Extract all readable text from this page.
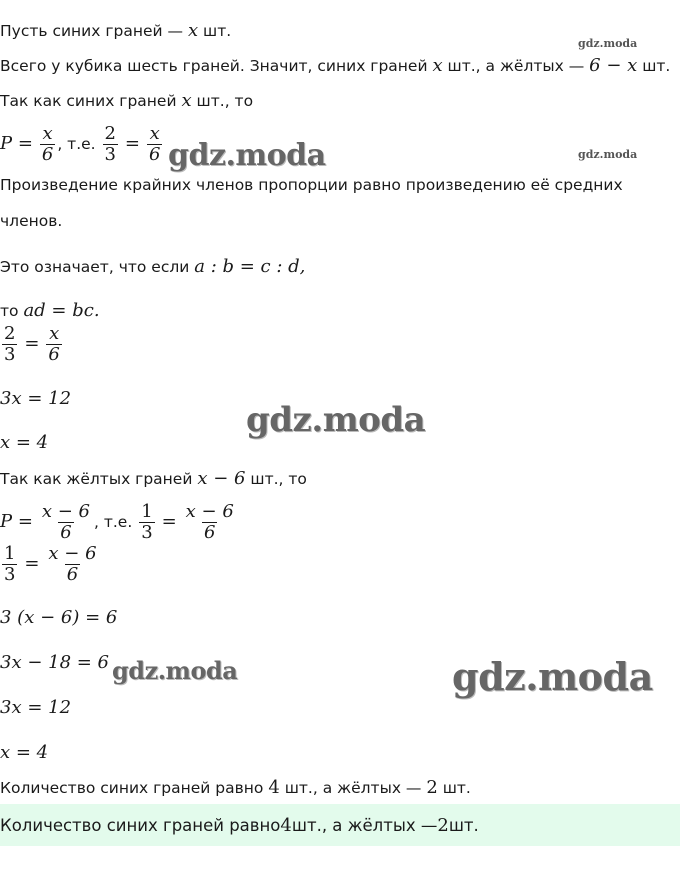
gdz.moda
gdz.moda
gdz.moda
gdz.moda
gdz.moda	gdz.moda
Пусть синих граней — x шт.
Всего у кубика шесть граней. Значит, синих граней x шт., а жёлтых — 6 − x шт.
Так как синих граней x шт., то
$P = \frac{x}{6}$ , т.е. $\frac{2}{3} = \frac{x}{6}$
Произведение крайних членов пропорции равно произведению её средних
членов.
Это означает, что если a : b = c : d,
то ad = bc.
$\frac{2}{3} = \frac{x}{6}$
3x = 12
x = 4
Так как жёлтых граней x − 6 шт., то
$P = \frac{x - 6}{6}$ , т.е. $\frac{1}{3} = \frac{x - 6}{6}$
$\frac{1}{3} = \frac{x - 6}{6}$
3 (x − 6) = 6
3x − 18 = 6
3x = 12
x = 4
Количество синих граней равно 4 шт., а жёлтых — 2 шт.
Количество синих граней равно 4 шт., а жёлтых — 2 шт.
